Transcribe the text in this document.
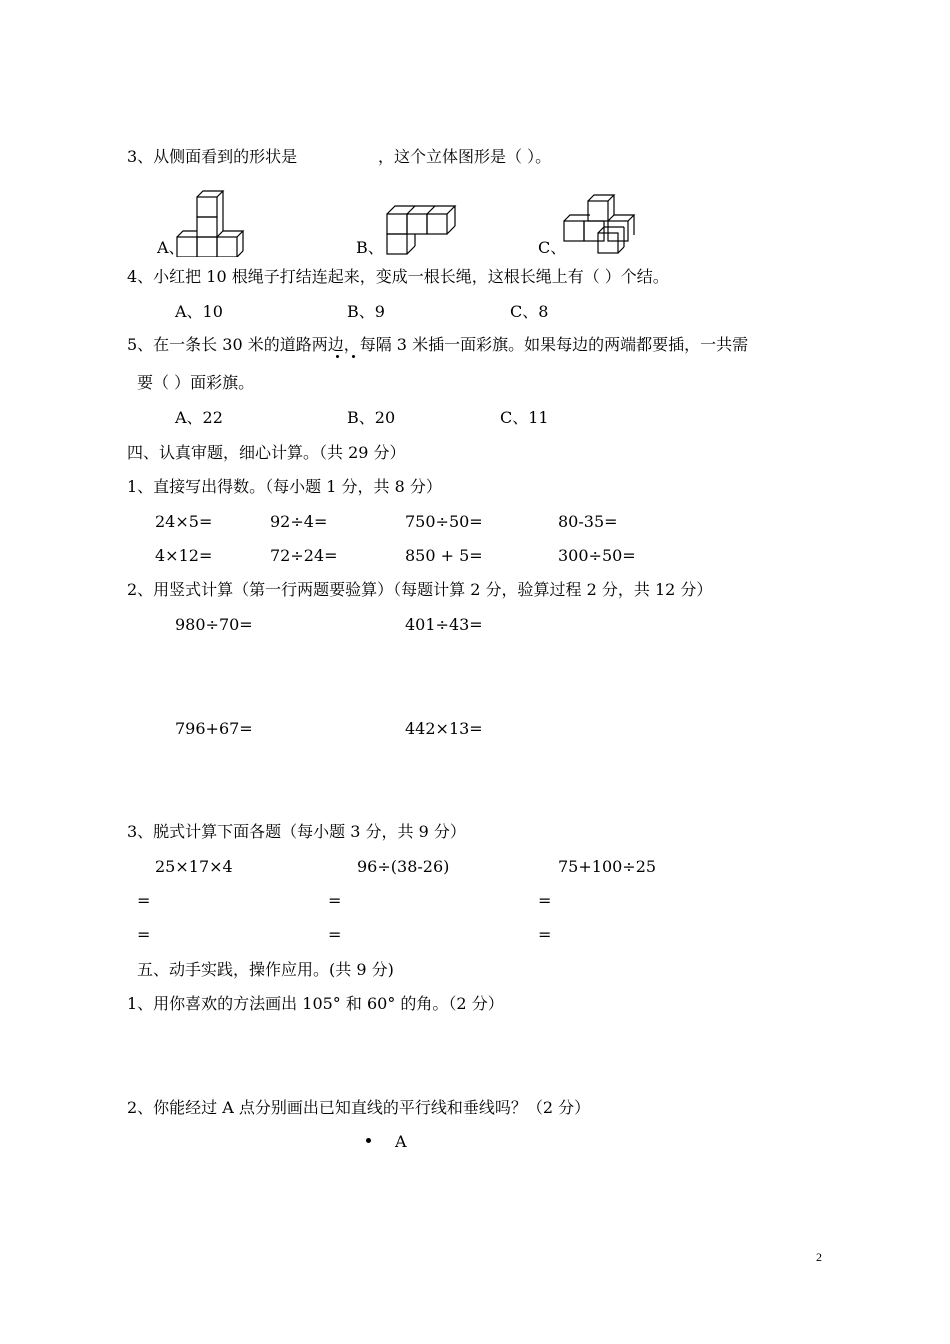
3、从侧面看到的形状是	，这个立体图形是（ ）。
A、	B、	C、
4、小红把 10 根绳子打结连起来，变成一根长绳，这根长绳上有（ ）个结。
A、10	B、9	C、8
5、在一条长 30 米的道路两边，每隔 3 米插一面彩旗。如果每边的两端都要插，一共需
要（ ）面彩旗。
A、22	B、20	C、11
四、认真审题，细心计算。（共 29 分）
1、直接写出得数。（每小题 1 分，共 8 分）
24×5=	92÷4=	750÷50=	80-35=
4×12=	72÷24=	850 + 5=	300÷50=
2、用竖式计算（第一行两题要验算）（每题计算 2 分，验算过程 2 分，共 12 分）
980÷70=	401÷43=
796+67=	442×13=
3、脱式计算下面各题（每小题 3 分，共 9 分）
25×17×4	96÷(38-26)	75+100÷25
=	=	=
=	=	=
五、动手实践，操作应用。(共 9 分)
1、用你喜欢的方法画出 105° 和 60° 的角。（2 分）
2、你能经过 A 点分别画出已知直线的平行线和垂线吗？（2 分）
A
2
